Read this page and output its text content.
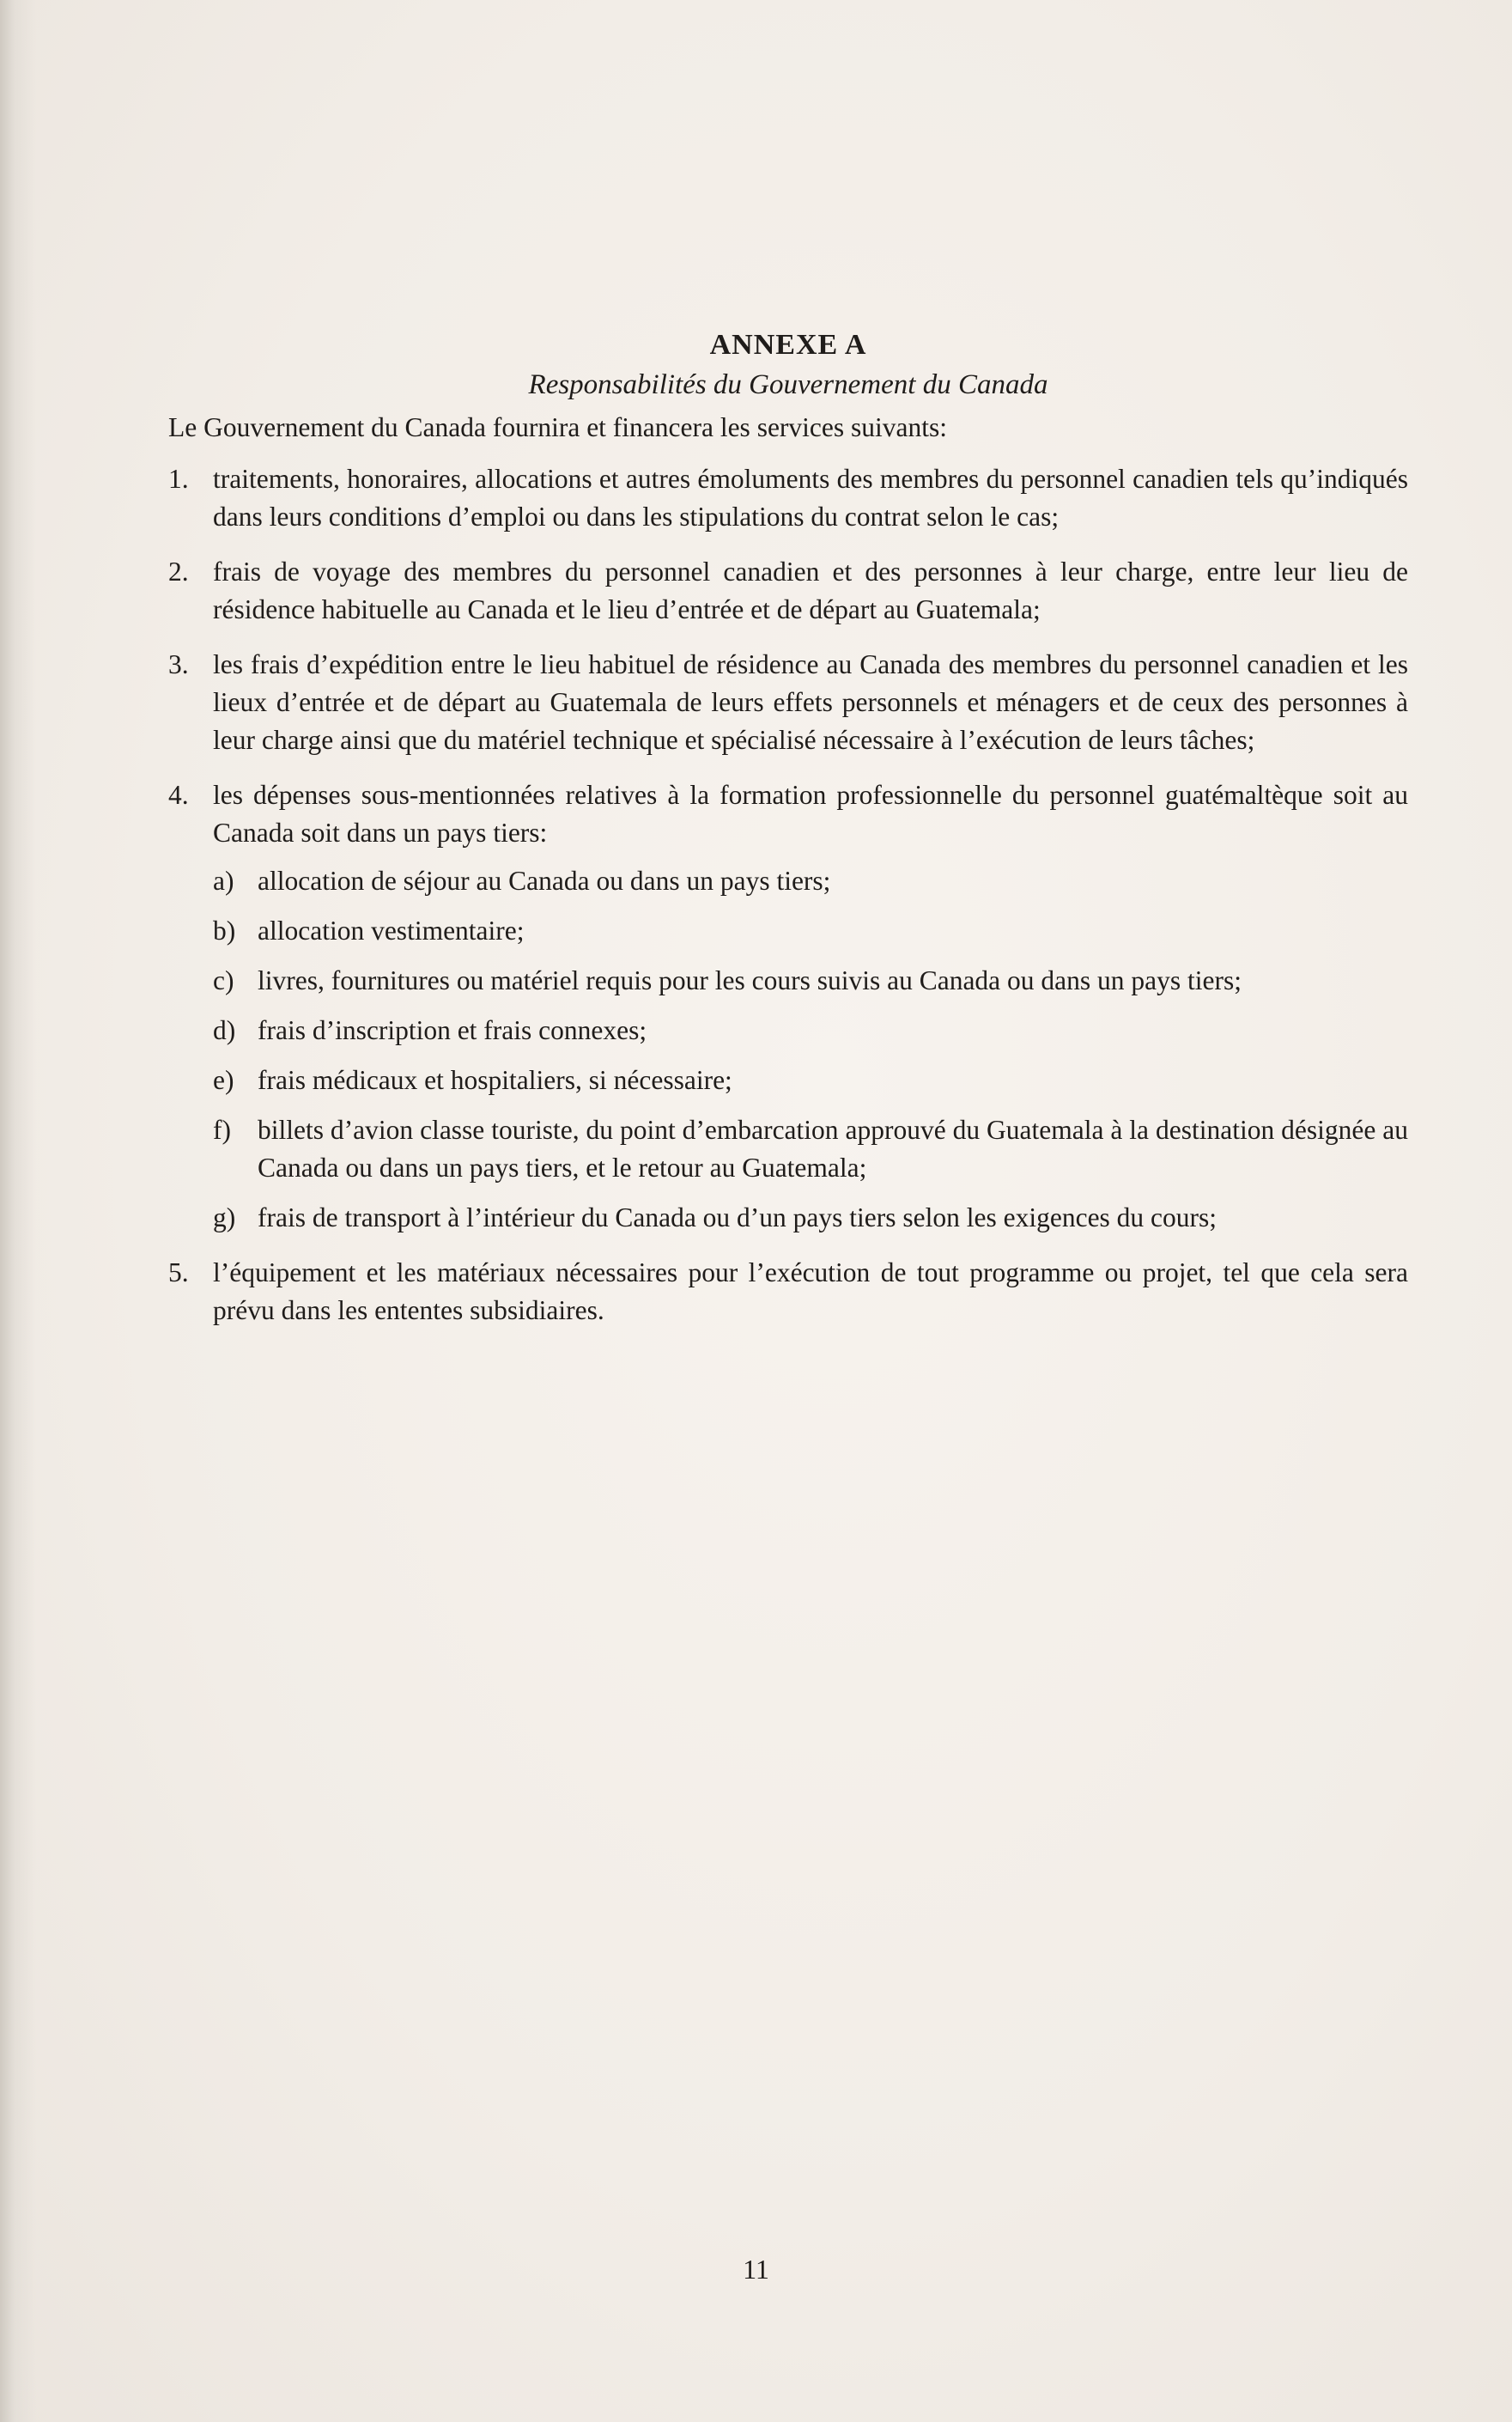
ANNEXE A

Responsabilités du Gouvernement du Canada

Le Gouvernement du Canada fournira et financera les services suivants:

1. traitements, honoraires, allocations et autres émoluments des membres du personnel canadien tels qu’indiqués dans leurs conditions d’emploi ou dans les stipulations du contrat selon le cas;
2. frais de voyage des membres du personnel canadien et des personnes à leur charge, entre leur lieu de résidence habituelle au Canada et le lieu d’entrée et de départ au Guatemala;
3. les frais d’expédition entre le lieu habituel de résidence au Canada des membres du personnel canadien et les lieux d’entrée et de départ au Guatemala de leurs effets personnels et ménagers et de ceux des personnes à leur charge ainsi que du matériel technique et spécialisé nécessaire à l’exécution de leurs tâches;
4. les dépenses sous-mentionnées relatives à la formation professionnelle du personnel guatémaltèque soit au Canada soit dans un pays tiers:
a) allocation de séjour au Canada ou dans un pays tiers;
b) allocation vestimentaire;
c) livres, fournitures ou matériel requis pour les cours suivis au Canada ou dans un pays tiers;
d) frais d’inscription et frais connexes;
e) frais médicaux et hospitaliers, si nécessaire;
f) billets d’avion classe touriste, du point d’embarcation approuvé du Guatemala à la destination désignée au Canada ou dans un pays tiers, et le retour au Guatemala;
g) frais de transport à l’intérieur du Canada ou d’un pays tiers selon les exigences du cours;
5. l’équipement et les matériaux nécessaires pour l’exécution de tout programme ou projet, tel que cela sera prévu dans les ententes subsidiaires.
11
